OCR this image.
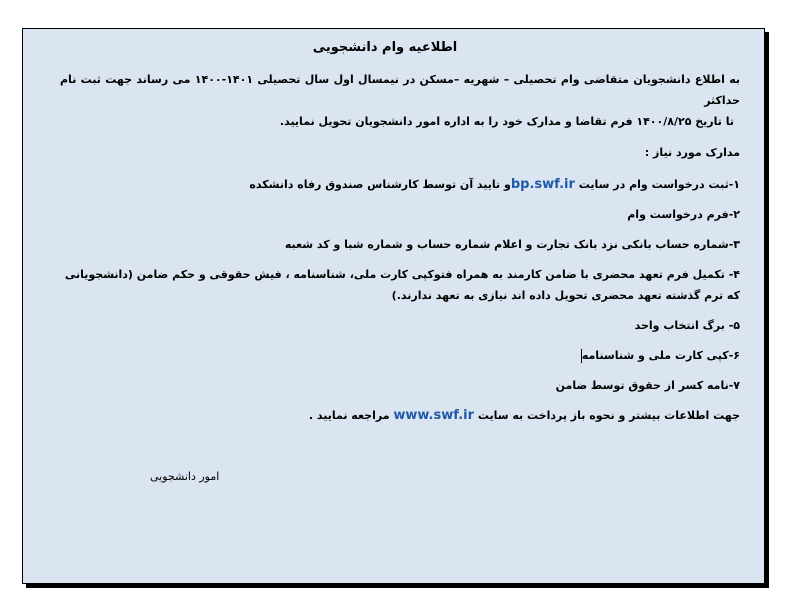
اطلاعیه وام دانشجویی
به اطلاع دانشجویان متقاضی وام تحصیلی – شهریه –مسکن در نیمسال اول سال تحصیلی ۱۴۰۱-۱۴۰۰ می رساند جهت ثبت نام حداکثر
تا تاریخ ۱۴۰۰/۸/۲۵ فرم تقاضا و مدارک خود را به اداره امور دانشجویان تحویل نمایید.
مدارک مورد نیاز :
۱-ثبت درخواست وام در سایت bp.swf.irو تایید آن توسط کارشناس صندوق رفاه دانشکده
۲-فرم درخواست وام
۳-شماره حساب بانکی نزد بانک تجارت و اعلام شماره حساب و شماره شبا و کد شعبه
۴- تکمیل فرم تعهد محضری با ضامن کارمند به همراه فتوکپی کارت ملی، شناسنامه ، فیش حقوقی و حکم ضامن (دانشجویانی که ترم گذشته تعهد محضری تحویل داده اند نیازی به تعهد ندارند.)
۵- برگ انتخاب واحد
۶-کپی کارت ملی و شناسنامه
۷-نامه کسر از حقوق توسط ضامن
جهت اطلاعات بیشتر و نحوه باز پرداخت به سایت www.swf.ir مراجعه نمایید .
امور دانشجویی
